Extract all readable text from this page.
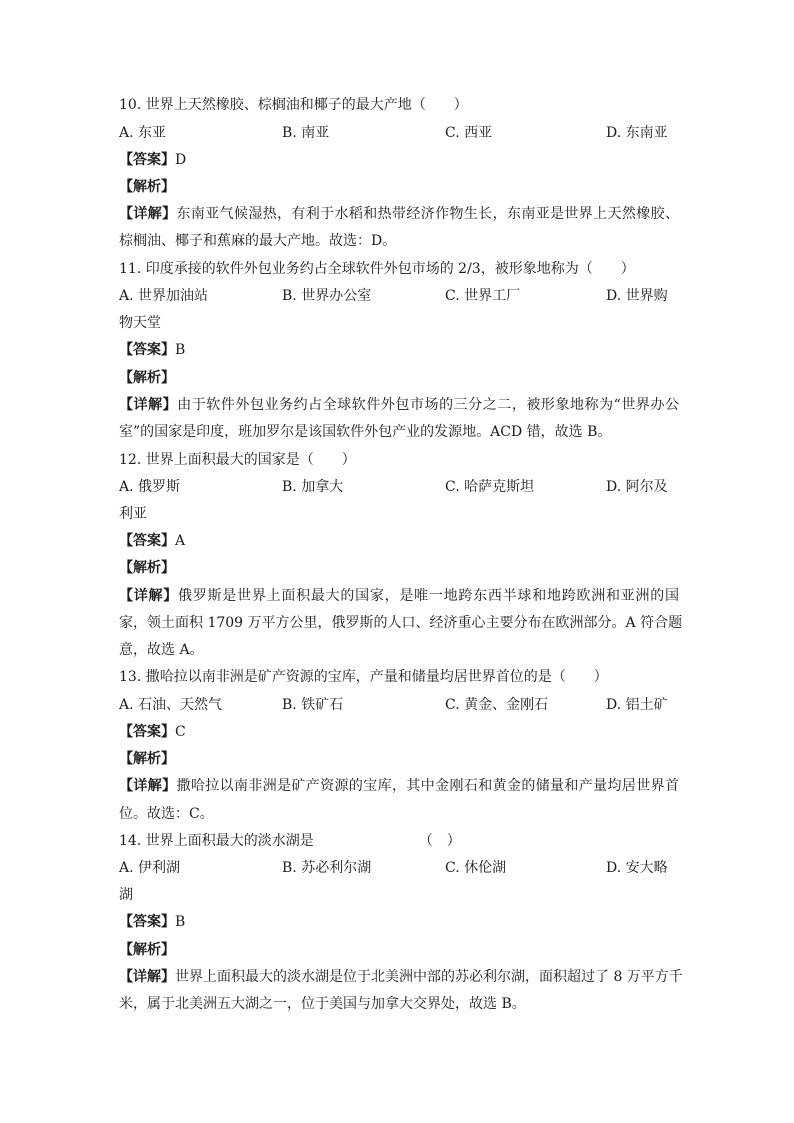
10. 世界上天然橡胶、棕榈油和椰子的最大产地（　　）
A. 东亚	B. 南亚	C. 西亚	D. 东南亚
【答案】D
【解析】
【详解】东南亚气候湿热，有利于水稻和热带经济作物生长，东南亚是世界上天然橡胶、
棕榈油、椰子和蕉麻的最大产地。故选：D。
11. 印度承接的软件外包业务约占全球软件外包市场的 2/3，被形象地称为（　　）
A. 世界加油站	B. 世界办公室	C. 世界工厂	D. 世界购
物天堂
【答案】B
【解析】
【详解】由于软件外包业务约占全球软件外包市场的三分之二，被形象地称为“世界办公
室”的国家是印度，班加罗尔是该国软件外包产业的发源地。ACD 错，故选 B。
12. 世界上面积最大的国家是（　　）
A. 俄罗斯	B. 加拿大	C. 哈萨克斯坦	D. 阿尔及
利亚
【答案】A
【解析】
【详解】俄罗斯是世界上面积最大的国家，是唯一地跨东西半球和地跨欧洲和亚洲的国
家，领土面积 1709 万平方公里，俄罗斯的人口、经济重心主要分布在欧洲部分。A 符合题
意，故选 A。
13. 撒哈拉以南非洲是矿产资源的宝库，产量和储量均居世界首位的是（　　）
A. 石油、天然气	B. 铁矿石	C. 黄金、金刚石	D. 铝土矿
【答案】C
【解析】
【详解】撒哈拉以南非洲是矿产资源的宝库，其中金刚石和黄金的储量和产量均居世界首
位。故选：C。
14. 世界上面积最大的淡水湖是　　　　　　　　（　）
A. 伊利湖	B. 苏必利尔湖	C. 休伦湖	D. 安大略
湖
【答案】B
【解析】
【详解】世界上面积最大的淡水湖是位于北美洲中部的苏必利尔湖，面积超过了 8 万平方千
米，属于北美洲五大湖之一，位于美国与加拿大交界处，故选 B。
